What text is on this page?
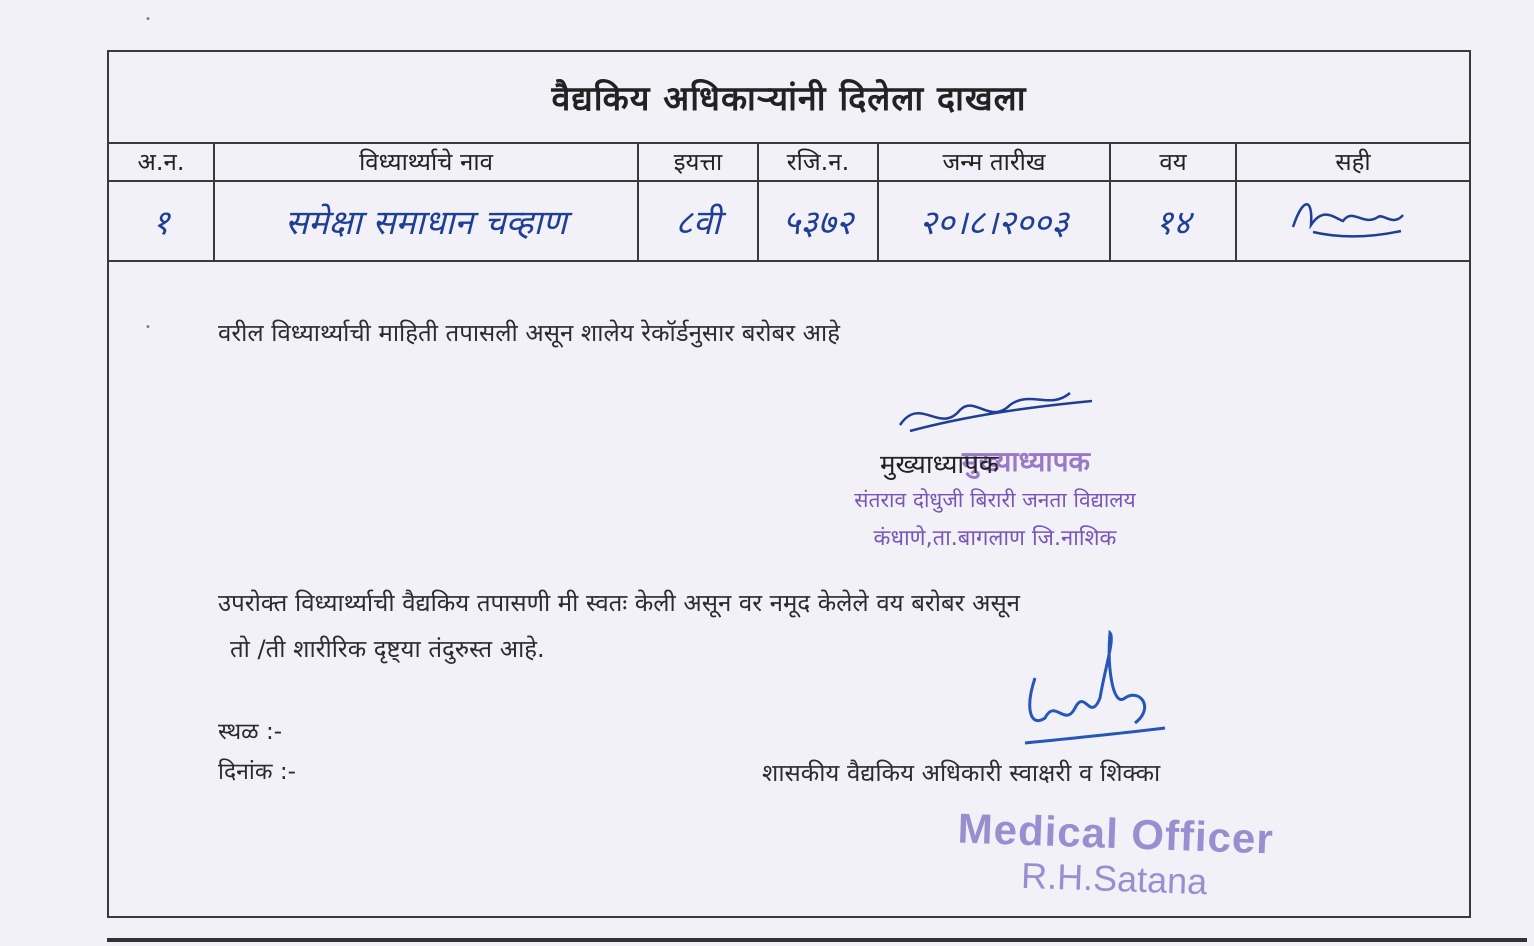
•
•
वैद्यकिय अधिकाऱ्यांनी दिलेला दाखला
अ.न.	विध्यार्थ्याचे नाव	इयत्ता	रजि.न.	जन्म तारीख	वय	सही
१	समेक्षा समाधान चव्हाण	८वी	५३७२	२०।८।२००३	१४	
वरील विध्यार्थ्याची माहिती तपासली असून शालेय रेकॉर्डनुसार बरोबर आहे
मुख्याध्यापक
संतराव दोधुजी बिरारी जनता विद्यालय
कंधाणे,ता.बागलाण जि.नाशिक
मुख्याध्यापक
उपरोक्त विध्यार्थ्याची वैद्यकिय तपासणी मी स्वतः केली असून वर नमूद केलेले वय बरोबर असून
तो /ती शारीरिक दृष्ट्या तंदुरुस्त आहे.
स्थळ :-
दिनांक :-	शासकीय वैद्यकिय अधिकारी स्वाक्षरी व शिक्का
Medical Officer
R.H.Satana
